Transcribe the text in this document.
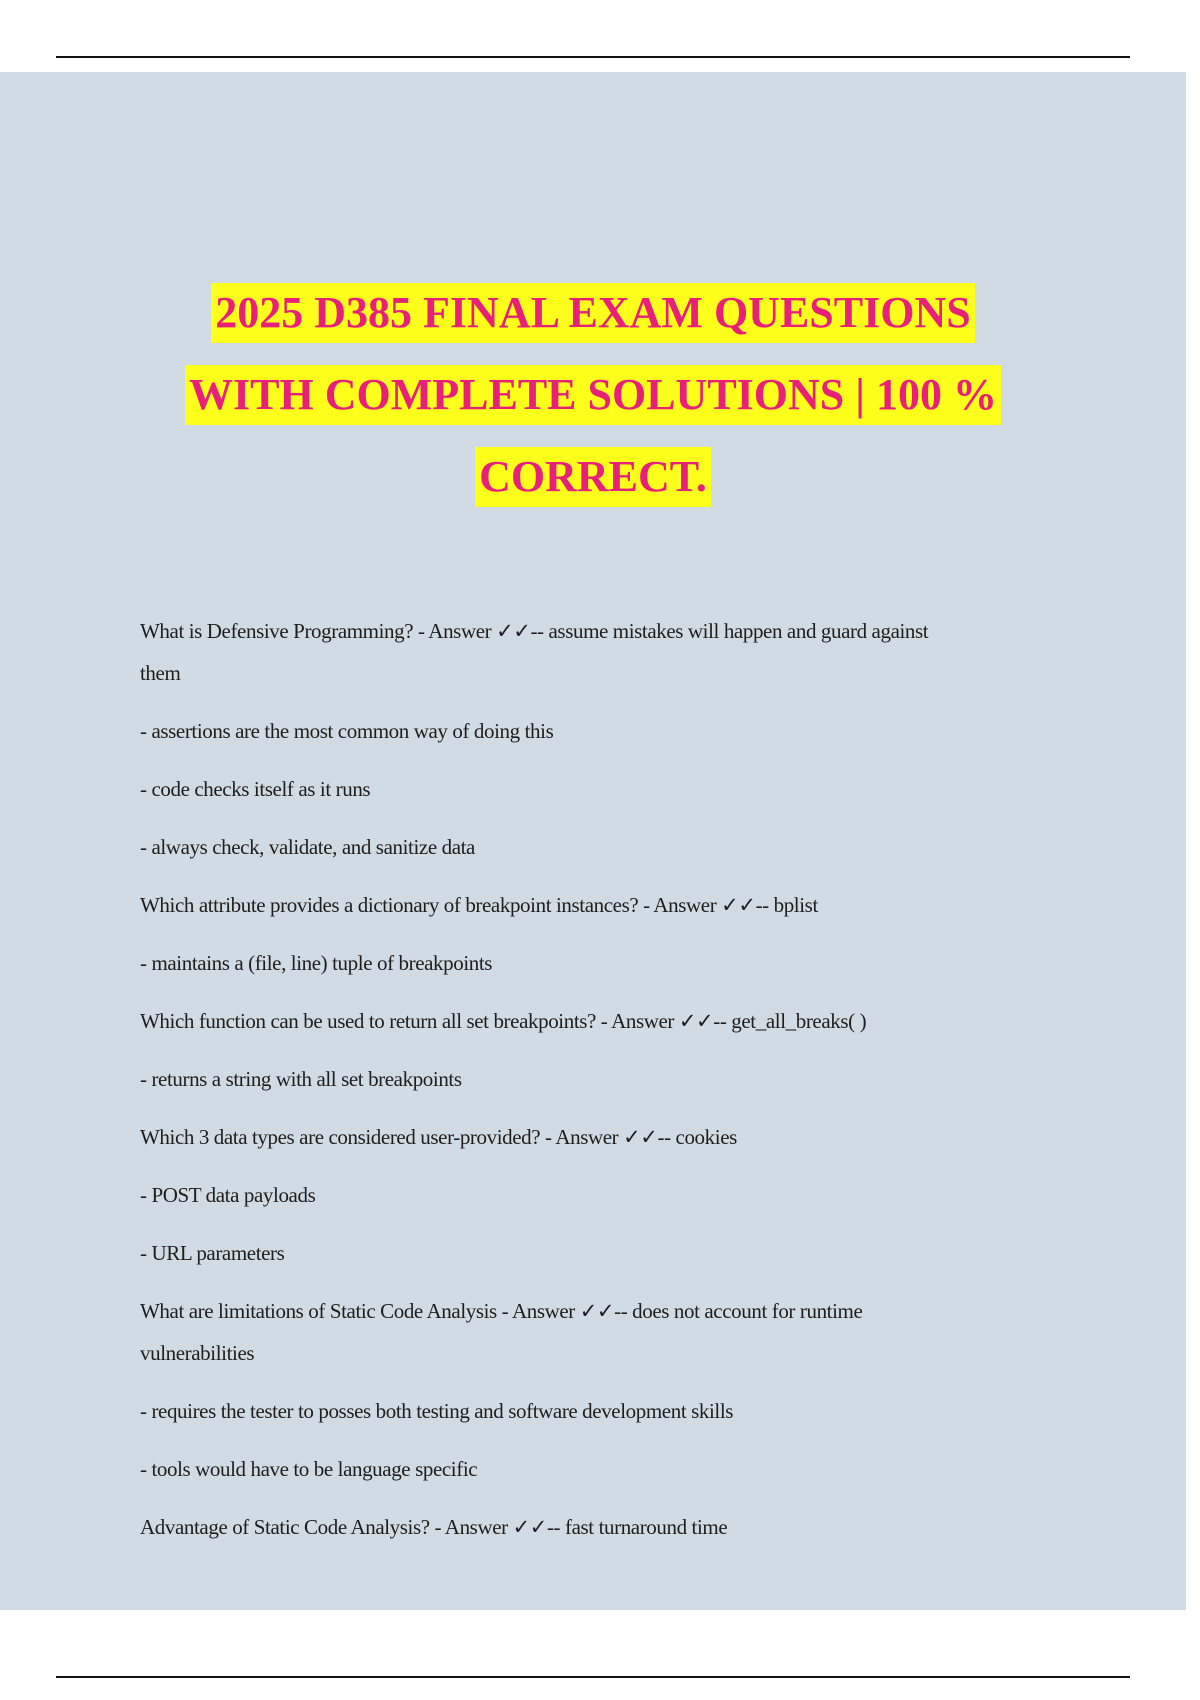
2025 D385 FINAL EXAM QUESTIONS
WITH COMPLETE SOLUTIONS | 100 %
CORRECT.

What is Defensive Programming? - Answer ✓✓-- assume mistakes will happen and guard against

them

- assertions are the most common way of doing this

- code checks itself as it runs

- always check, validate, and sanitize data

Which attribute provides a dictionary of breakpoint instances? - Answer ✓✓-- bplist

- maintains a (file, line) tuple of breakpoints

Which function can be used to return all set breakpoints? - Answer ✓✓-- get_all_breaks( )

- returns a string with all set breakpoints

Which 3 data types are considered user-provided? - Answer ✓✓-- cookies

- POST data payloads

- URL parameters

What are limitations of Static Code Analysis - Answer ✓✓-- does not account for runtime

vulnerabilities

- requires the tester to posses both testing and software development skills

- tools would have to be language specific

Advantage of Static Code Analysis? - Answer ✓✓-- fast turnaround time
